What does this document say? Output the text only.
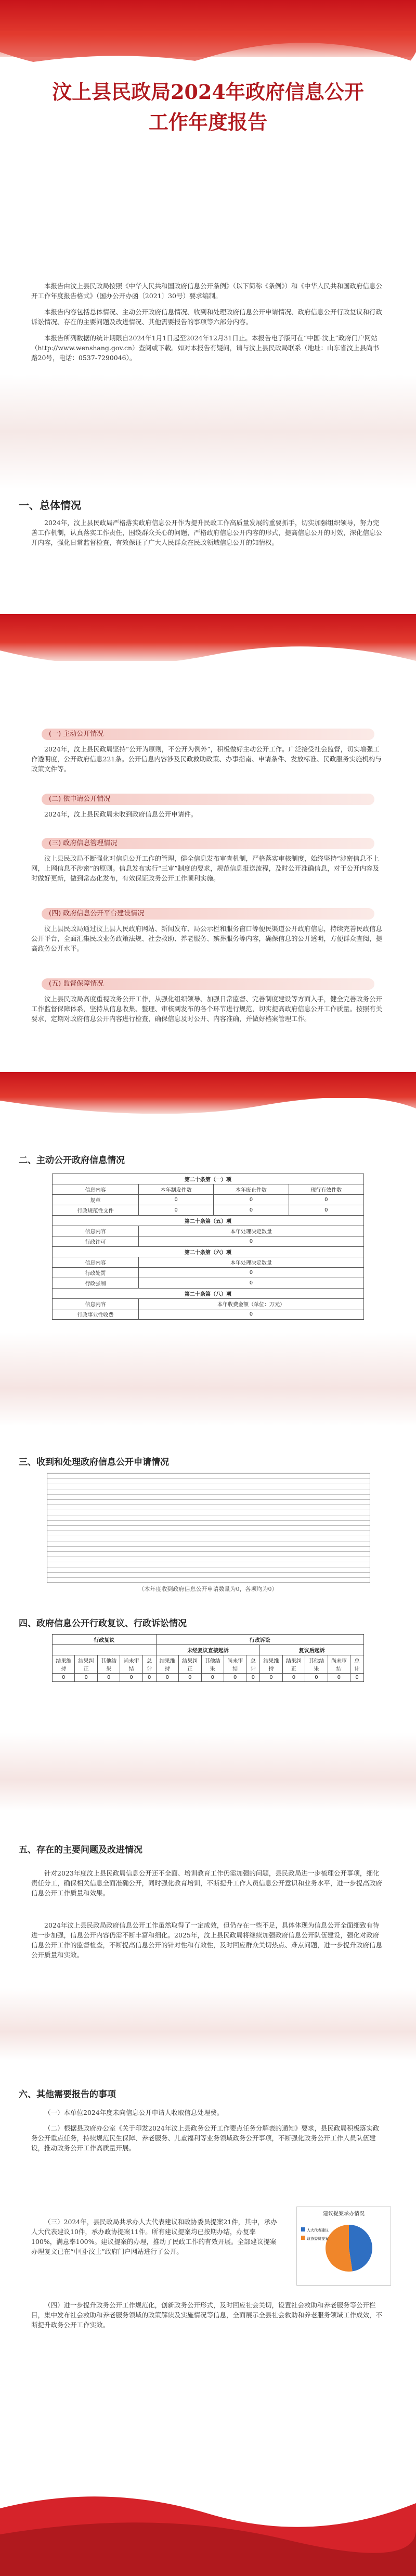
汶上县民政局2024年政府信息公开
工作年度报告

本报告由汶上县民政局按照《中华人民共和国政府信息公开条例》（以下简称《条例》）和《中华人民共和国政府信息公开工作年度报告格式》（国办公开办函〔2021〕30号）要求编制。

本报告内容包括总体情况、主动公开政府信息情况、收到和处理政府信息公开申请情况、政府信息公开行政复议和行政诉讼情况、存在的主要问题及改进情况、其他需要报告的事项等六部分内容。

本报告所列数据的统计期限自2024年1月1日起至2024年12月31日止。本报告电子版可在“中国·汶上”政府门户网站（http://www.wenshang.gov.cn）查阅或下载。如对本报告有疑问，请与汶上县民政局联系（地址：山东省汶上县尚书路20号，电话：0537-7290046）。

一、总体情况

2024年，汶上县民政局严格落实政府信息公开作为提升民政工作高质量发展的重要抓手，切实加强组织领导，努力完善工作机制，认真落实工作责任，围绕群众关心的问题，严格政府信息公开内容的形式，提高信息公开的时效，深化信息公开内容，强化日常监督检查，有效保证了广大人民群众在民政领域信息公开的知情权。

(一) 主动公开情况

2024年，汶上县民政局坚持“公开为原则，不公开为例外”，积极做好主动公开工作。广泛接受社会监督，切实增强工作透明度，公开政府信息221条。公开信息内容涉及民政救助政策、办事指南、申请条件、发放标准、民政服务实施机构与政策文件等。

(二) 依申请公开情况

2024年，汶上县民政局未收到政府信息公开申请件。

(三) 政府信息管理情况

汶上县民政局不断强化对信息公开工作的管理，健全信息发布审查机制，严格落实审核制度，始终坚持“涉密信息不上网，上网信息不涉密”的原则。信息发布实行“三审”制度的要求，规范信息报送流程，及时公开准确信息，对于公开内容及时做好更新，做到常态化发布，有效保证政务公开工作顺利实施。

(四) 政府信息公开平台建设情况

汶上县民政局通过汶上县人民政府网站、新闻发布、局公示栏和服务窗口等便民渠道公开政府信息，持续完善民政信息公开平台，全面汇集民政业务政策法规、社会救助、养老服务、殡葬服务等内容，确保信息的公开透明，方便群众查阅，提高政务公开水平。

(五) 监督保障情况

汶上县民政局高度重视政务公开工作，从强化组织领导、加强日常监督、完善制度建设等方面入手，健全完善政务公开工作监督保障体系，坚持从信息收集、整理、审核到发布的各个环节进行规范，切实提高政府信息公开工作质量。按照有关要求，定期对政府信息公开内容进行检查，确保信息及时公开、内容准确，并做好档案管理工作。

二、主动公开政府信息情况
第二十条第（一）项			
信息内容	本年制发件数	本年废止件数	现行有效件数
规章	0	0	0
行政规范性文件	0	0	0
第二十条第（五）项			
信息内容	本年处理决定数量		
行政许可	0		
第二十条第（六）项			
信息内容	本年处理决定数量		
行政处罚	0		
行政强制	0		
第二十条第（八）项			
信息内容	本年收费金额（单位：万元）		
行政事业性收费	0		
三、收到和处理政府信息公开申请情况
（本年度收到政府信息公开申请数量为0，各项均为0）
四、政府信息公开行政复议、行政诉讼情况
行政复议					行政诉讼									
					未经复议直接起诉					复议后起诉				
结果维持	结果纠正	其他结果	尚未审结	总计	结果维持	结果纠正	其他结果	尚未审结	总计	结果维持	结果纠正	其他结果	尚未审结	总计
0	0	0	0	0	0	0	0	0	0	0	0	0	0	0
五、存在的主要问题及改进情况

针对2023年度汶上县民政局信息公开还不全面、培训教育工作仍需加强的问题，县民政局进一步梳理公开事项，细化责任分工，确保相关信息全面准确公开，同时强化教育培训，不断提升工作人员信息公开意识和业务水平，进一步提高政府信息公开工作质量和效果。

2024年汶上县民政局政府信息公开工作虽然取得了一定成效，但仍存在一些不足，具体体现为信息公开全面细致有待进一步加强，信息公开内容仍需不断丰富和细化。2025年，汶上县民政局将继续加强政府信息公开队伍建设，强化对政府信息公开工作的监督检查，不断提高信息公开的针对性和有效性，及时回应群众关切热点、难点问题，进一步提升政府信息公开质量和实效。

六、其他需要报告的事项

（一）本单位2024年度未向信息公开申请人收取信息处理费。

（二）根据县政府办公室《关于印发2024年汶上县政务公开工作要点任务分解表的通知》要求，县民政局积极落实政务公开重点任务，持续规范民生保障、养老服务、儿童福利等业务领域政务公开事项，不断强化政务公开工作人员队伍建设，推动政务公开工作高质量开展。

（三）2024年，县民政局共承办人大代表建议和政协委员提案21件，其中，承办人大代表建议10件，承办政协提案11件。所有建议提案均已按期办结，办复率100%，满意率100%。建议提案的办理，推动了民政工作的有效开展。全部建议提案办理复文已在“中国·汶上”政府门户网站进行了公开。

建议提案承办情况
人大代表建议
政协委员提案

（四）进一步提升政务公开工作规范化，创新政务公开形式，及时回应社会关切，设置社会救助和养老服务等公开栏目，集中发布社会救助和养老服务领域的政策解读及实施情况等信息，全面展示全县社会救助和养老服务领域工作成效，不断提升政务公开工作实效。
